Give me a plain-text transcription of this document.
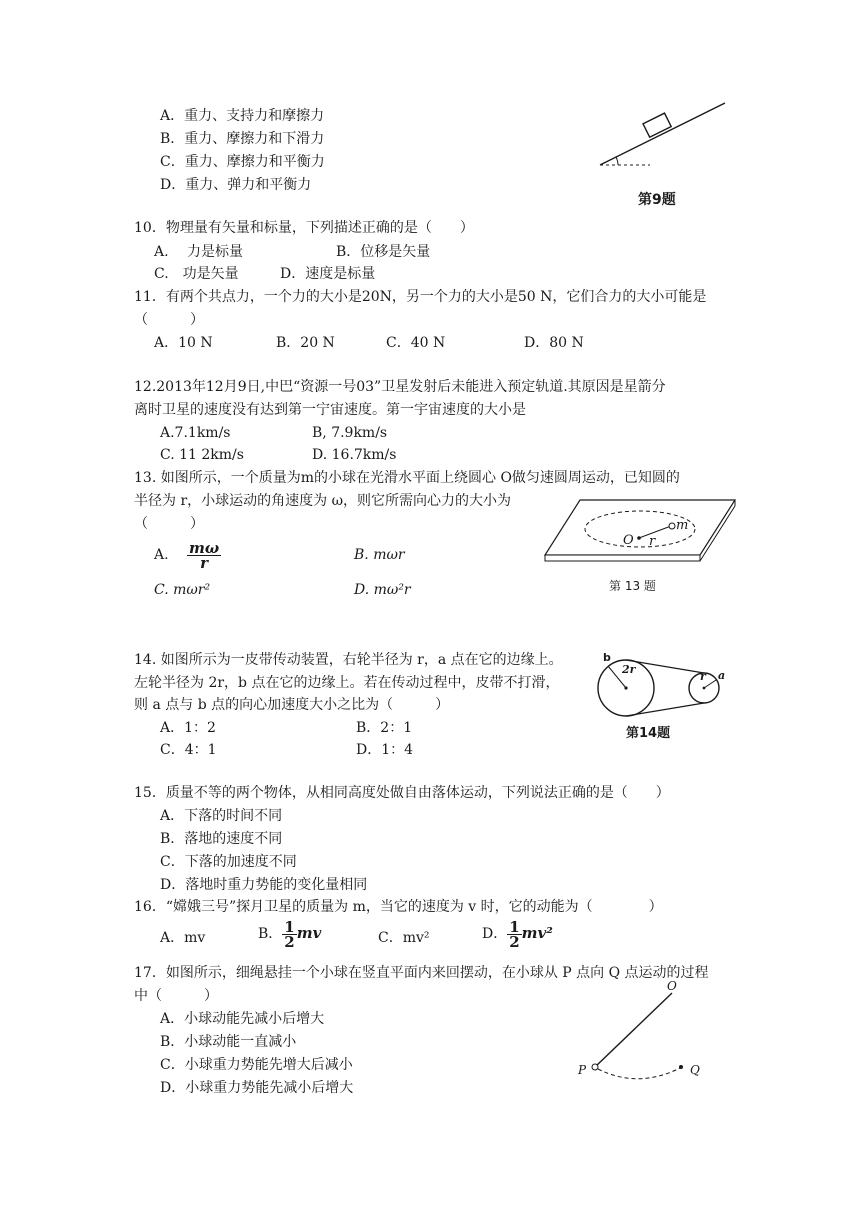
A．重力、支持力和摩擦力
B．重力、摩擦力和下滑力
C．重力、摩擦力和平衡力
D．重力、弹力和平衡力
第9题
10．物理量有矢量和标量，下列描述正确的是（　　）
A.　 力是标量	B．位移是矢量
C.　功是矢量	D．速度是标量
11．有两个共点力，一个力的大小是20N，另一个力的大小是50 N，它们合力的大小可能是
（　　　）
A．10 N	B．20 N	C．40 N	D．80 N
12.2013年12月9日,中巴“资源一号03”卫星发射后未能进入预定轨道.其原因是星箭分
离时卫星的速度没有达到第一宁宙速度。第一宇宙速度的大小是
A.7.1km/s	B, 7.9km/s
C. 11 2km/s	D. 16.7km/s
13. 如图所示，一个质量为m的小球在光滑水平面上绕圆心 O做匀速圆周运动，已知圆的
半径为 r，小球运动的角速度为 ω，则它所需向心力的大小为
（　　　）
A. $\frac{m\omega}{r}$	B. mωr
C. mωr²	D. mω²r
O r
m
第 13 题
14. 如图所示为一皮带传动装置，右轮半径为 r，a 点在它的边缘上。
左轮半径为 2r，b 点在它的边缘上。若在传动过程中，皮带不打滑，
则 a 点与 b 点的向心加速度大小之比为（　　　）
A．1：2	B．2：1
C．4：1	D．1：4
b
2r
r a
第14题
15．质量不等的两个物体，从相同高度处做自由落体运动，下列说法正确的是（　　）
A．下落的时间不同
B．落地的速度不同
C．下落的加速度不同
D．落地时重力势能的变化量相同
16．“嫦娥三号”探月卫星的质量为 m，当它的速度为 v 时，它的动能为（　　　　）
A．mv	B． $\frac{1}{2}$ mv	C．mv²	D． $\frac{1}{2} mv^2$
17．如图所示，细绳悬挂一个小球在竖直平面内来回摆动，在小球从 P 点向 Q 点运动的过程
中（　　　）
A．小球动能先减小后增大
B．小球动能一直减小
C．小球重力势能先增大后减小
D．小球重力势能先减小后增大
O
P	Q
